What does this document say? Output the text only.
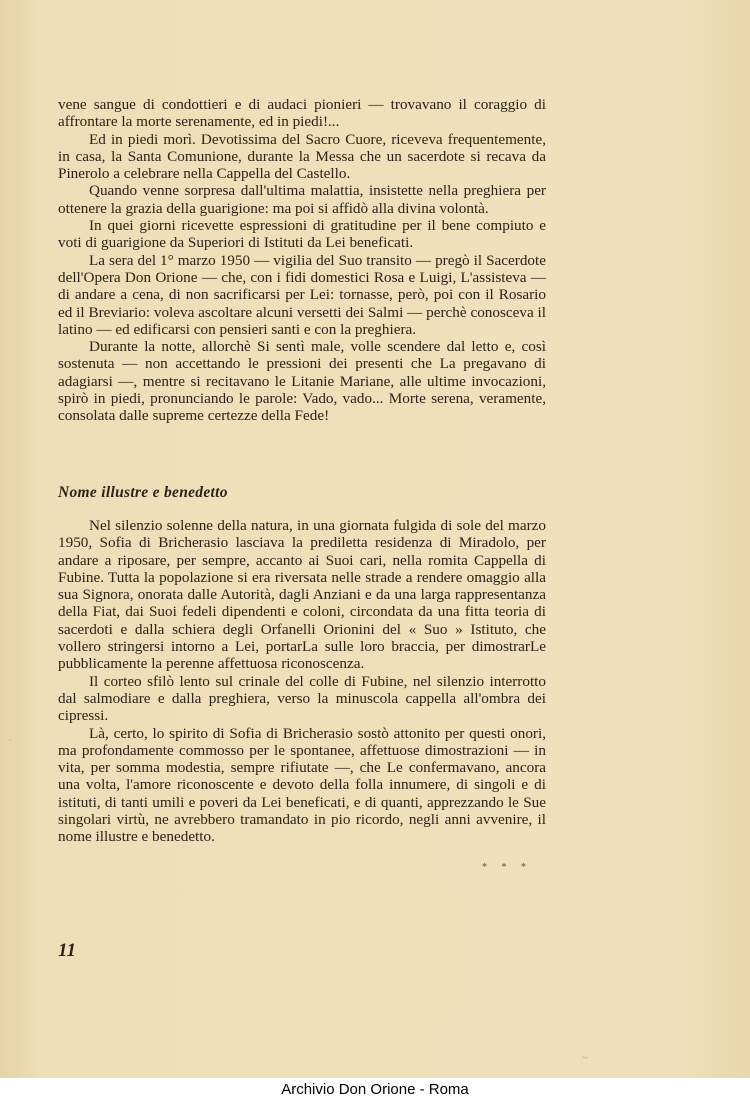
vene sangue di condottieri e di audaci pionieri — trovavano il coraggio di affrontare la morte serenamente, ed in piedi!...

Ed in piedi morì. Devotissima del Sacro Cuore, riceveva frequentemente, in casa, la Santa Comunione, durante la Messa che un sacerdote si recava da Pinerolo a celebrare nella Cappella del Castello.

Quando venne sorpresa dall'ultima malattia, insistette nella preghiera per ottenere la grazia della guarigione: ma poi si affidò alla divina volontà.

In quei giorni ricevette espressioni di gratitudine per il bene compiuto e voti di guarigione da Superiori di Istituti da Lei beneficati.

La sera del 1° marzo 1950 — vigilia del Suo transito — pregò il Sacerdote dell'Opera Don Orione — che, con i fidi domestici Rosa e Luigi, L'assisteva — di andare a cena, di non sacrificarsi per Lei: tornasse, però, poi con il Rosario ed il Breviario: voleva ascoltare alcuni versetti dei Salmi — perchè conosceva il latino — ed edificarsi con pensieri santi e con la preghiera.

Durante la notte, allorchè Si sentì male, volle scendere dal letto e, così sostenuta — non accettando le pressioni dei presenti che La pregavano di adagiarsi —, mentre si recitavano le Litanie Mariane, alle ultime invocazioni, spirò in piedi, pronunciando le parole: Vado, vado... Morte serena, veramente, consolata dalle supreme certezze della Fede!

Nome illustre e benedetto

Nel silenzio solenne della natura, in una giornata fulgida di sole del marzo 1950, Sofia di Bricherasio lasciava la prediletta residenza di Miradolo, per andare a riposare, per sempre, accanto ai Suoi cari, nella romita Cappella di Fubine. Tutta la popolazione si era riversata nelle strade a rendere omaggio alla sua Signora, onorata dalle Autorità, dagli Anziani e da una larga rappresentanza della Fiat, dai Suoi fedeli dipendenti e coloni, circondata da una fitta teoria di sacerdoti e dalla schiera degli Orfanelli Orionini del « Suo » Istituto, che vollero stringersi intorno a Lei, portarLa sulle loro braccia, per dimostrarLe pubblicamente la perenne affettuosa riconoscenza.

Il corteo sfilò lento sul crinale del colle di Fubine, nel silenzio interrotto dal salmodiare e dalla preghiera, verso la minuscola cappella all'ombra dei cipressi.

Là, certo, lo spirito di Sofia di Bricherasio sostò attonito per questi onori, ma profondamente commosso per le spontanee, affettuose dimostrazioni — in vita, per somma modestia, sempre rifiutate —, che Le confermavano, ancora una volta, l'amore riconoscente e devoto della folla innumere, di singoli e di istituti, di tanti umili e poveri da Lei beneficati, e di quanti, apprezzando le Sue singolari virtù, ne avrebbero tramandato in pio ricordo, negli anni avvenire, il nome illustre e benedetto.

* * *
11
·
~
Archivio Don Orione - Roma
